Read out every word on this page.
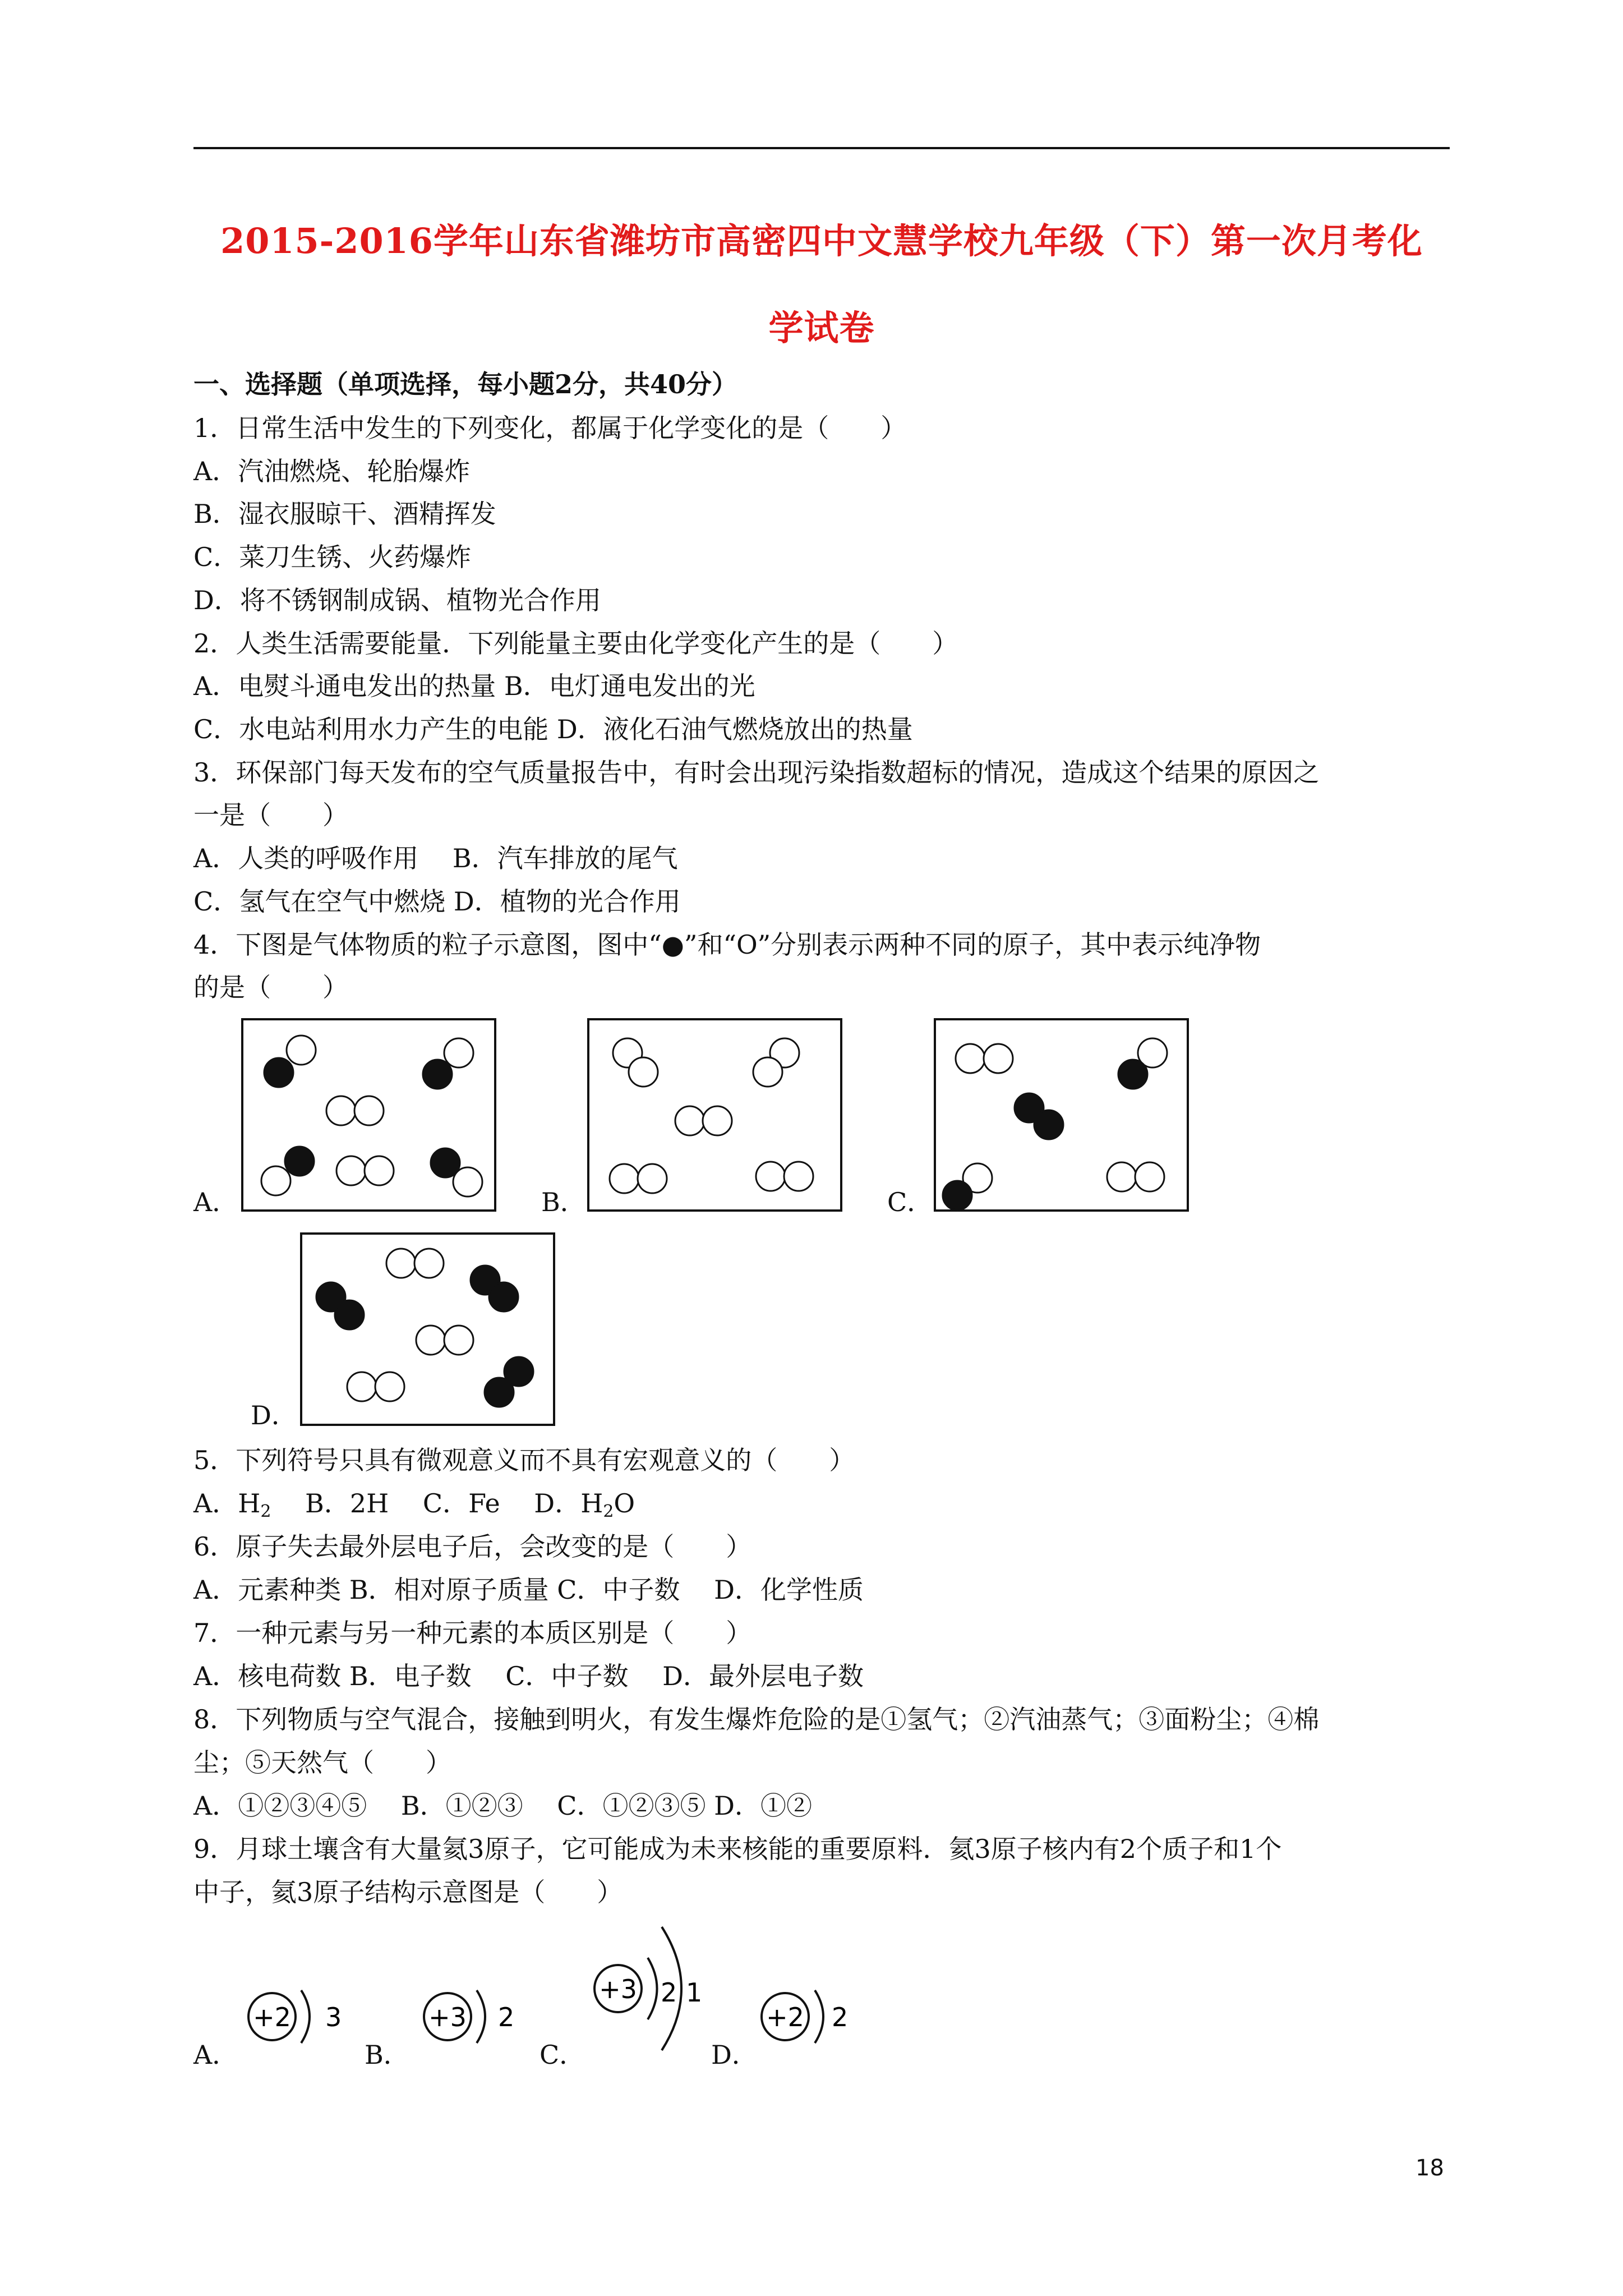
2015-2016学年山东省潍坊市高密四中文慧学校九年级（下）第一次月考化
学试卷
一、选择题（单项选择，每小题2分，共40分）
1．日常生活中发生的下列变化，都属于化学变化的是（　　）
A．汽油燃烧、轮胎爆炸
B．湿衣服晾干、酒精挥发
C．菜刀生锈、火药爆炸
D．将不锈钢制成锅、植物光合作用
2．人类生活需要能量．下列能量主要由化学变化产生的是（　　）
A．电熨斗通电发出的热量 B．电灯通电发出的光
C．水电站利用水力产生的电能 D．液化石油气燃烧放出的热量
3．环保部门每天发布的空气质量报告中，有时会出现污染指数超标的情况，造成这个结果的原因之
一是（　　）
A．人类的呼吸作用　 B．汽车排放的尾气
C．氢气在空气中燃烧 D．植物的光合作用
4．下图是气体物质的粒子示意图，图中“●”和“O”分别表示两种不同的原子，其中表示纯净物
的是（　　）
A．	B．	C．
D．
5．下列符号只具有微观意义而不具有宏观意义的（　　）
A．$H_2$　 B．2H　 C．Fe　 D．$H_2O$
6．原子失去最外层电子后，会改变的是（　　）
A．元素种类 B．相对原子质量 C．中子数　 D．化学性质
7．一种元素与另一种元素的本质区别是（　　）
A．核电荷数 B．电子数　 C．中子数　 D．最外层电子数
8．下列物质与空气混合，接触到明火，有发生爆炸危险的是①氢气；②汽油蒸气；③面粉尘；④棉
尘；⑤天然气（　　）
A．①②③④⑤　 B．①②③　 C．①②③⑤ D．①②
9．月球土壤含有大量氦3原子，它可能成为未来核能的重要原料．氦3原子核内有2个质子和1个
中子，氦3原子结构示意图是（　　）
A．	B．	C．	D．
+2 3	+3 2
+3 2 1
+2 2
18
